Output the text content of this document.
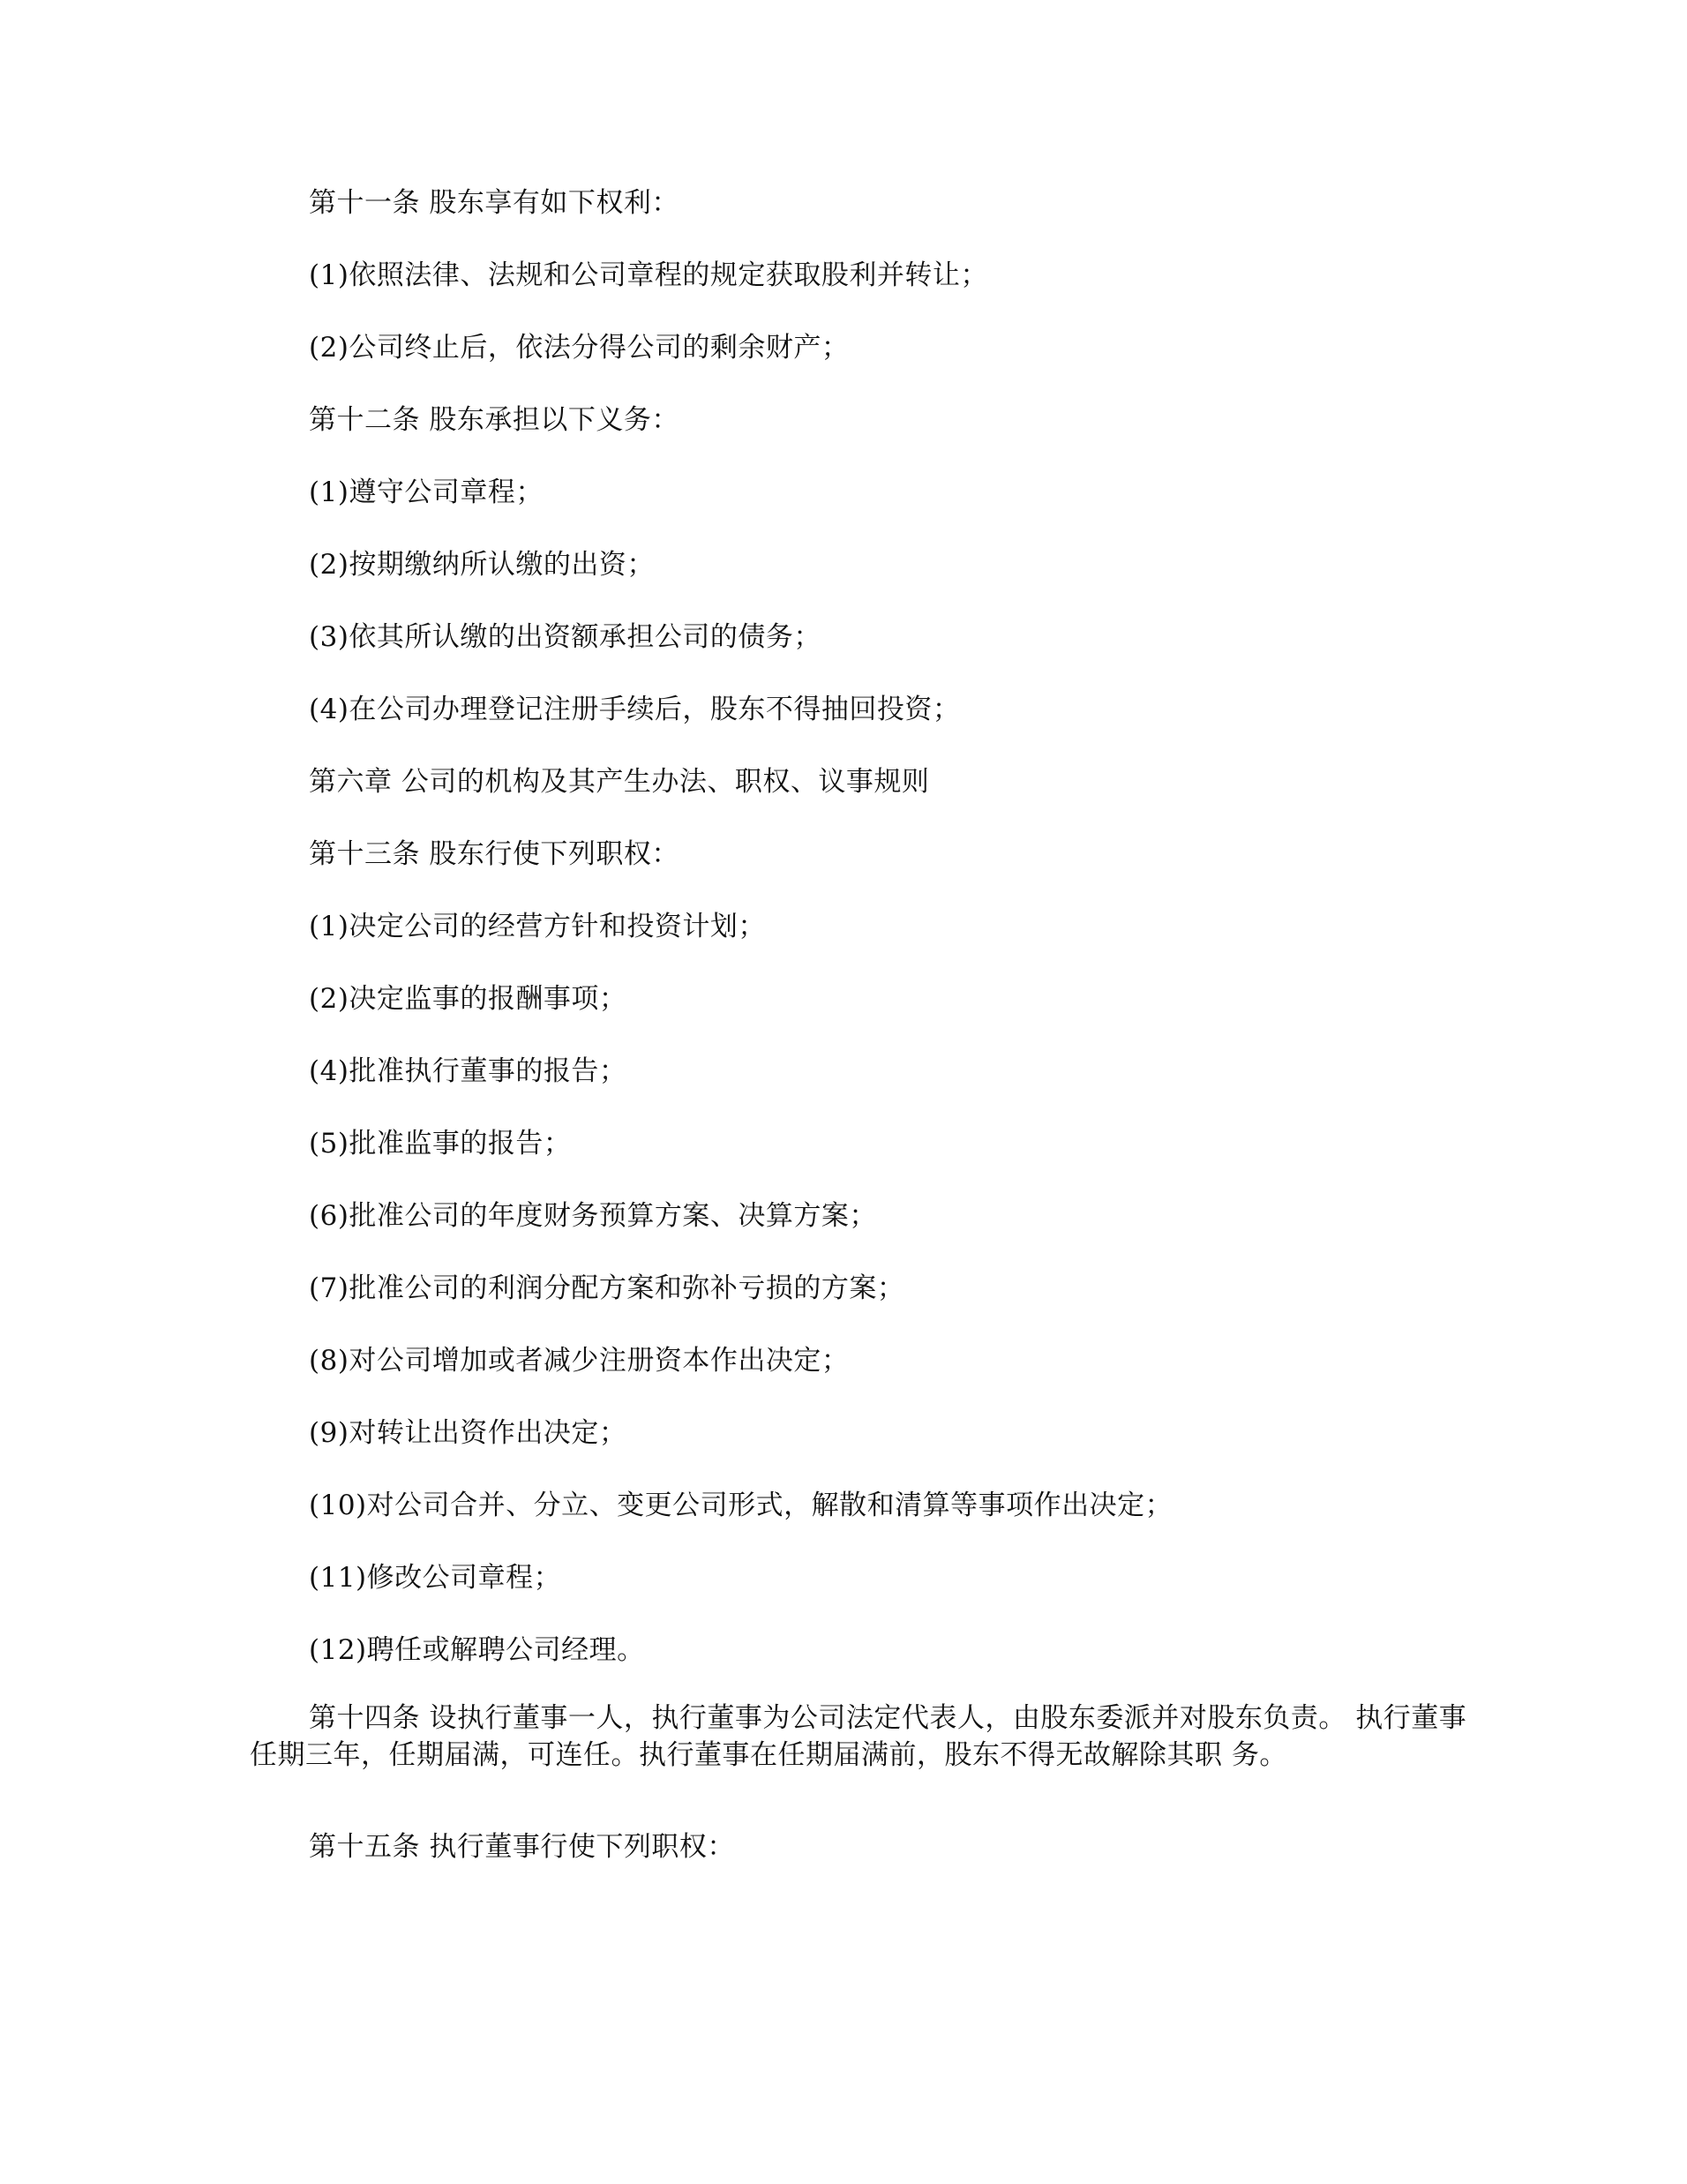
第十一条 股东享有如下权利：
(1)依照法律、法规和公司章程的规定获取股利并转让；
(2)公司终止后，依法分得公司的剩余财产；
第十二条 股东承担以下义务：
(1)遵守公司章程；
(2)按期缴纳所认缴的出资；
(3)依其所认缴的出资额承担公司的债务；
(4)在公司办理登记注册手续后，股东不得抽回投资；
第六章 公司的机构及其产生办法、职权、议事规则
第十三条 股东行使下列职权：
(1)决定公司的经营方针和投资计划；
(2)决定监事的报酬事项；
(4)批准执行董事的报告；
(5)批准监事的报告；
(6)批准公司的年度财务预算方案、决算方案；
(7)批准公司的利润分配方案和弥补亏损的方案；
(8)对公司增加或者减少注册资本作出决定；
(9)对转让出资作出决定；
(10)对公司合并、分立、变更公司形式，解散和清算等事项作出决定；
(11)修改公司章程；
(12)聘任或解聘公司经理。
第十四条 设执行董事一人，执行董事为公司法定代表人，由股东委派并对股东负责。 执行董事任期三年，任期届满，可连任。执行董事在任期届满前，股东不得无故解除其职 务。
第十五条 执行董事行使下列职权：
